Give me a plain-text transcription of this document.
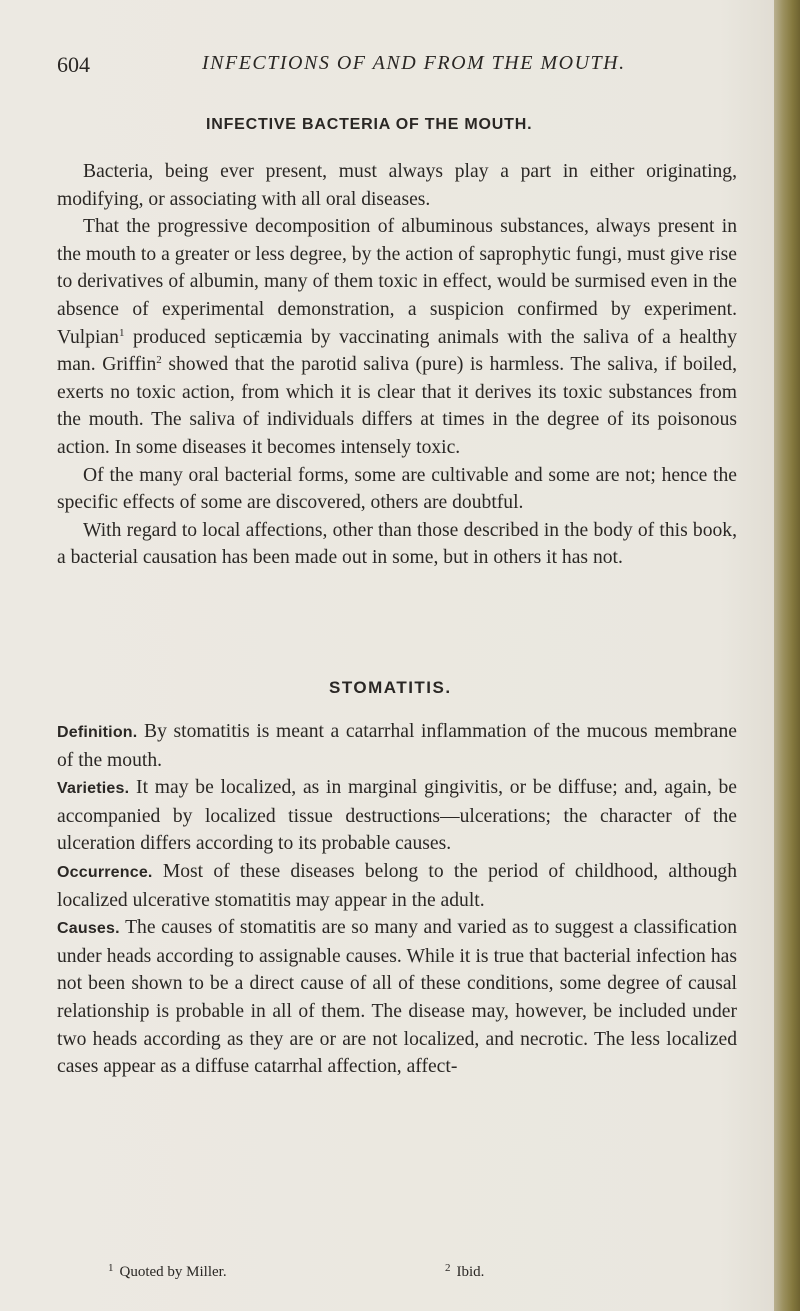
604	INFECTIONS OF AND FROM THE MOUTH.
INFECTIVE BACTERIA OF THE MOUTH.

Bacteria, being ever present, must always play a part in either originating, modifying, or associating with all oral diseases.

That the progressive decomposition of albuminous substances, always present in the mouth to a greater or less degree, by the action of saprophytic fungi, must give rise to derivatives of albumin, many of them toxic in effect, would be surmised even in the absence of experimental demonstration, a suspicion confirmed by experiment. Vulpian$^1$ produced septicæmia by vaccinating animals with the saliva of a healthy man. Griffin$^2$ showed that the parotid saliva (pure) is harmless. The saliva, if boiled, exerts no toxic action, from which it is clear that it derives its toxic substances from the mouth. The saliva of individuals differs at times in the degree of its poisonous action. In some diseases it becomes intensely toxic.

Of the many oral bacterial forms, some are cultivable and some are not; hence the specific effects of some are discovered, others are doubtful.

With regard to local affections, other than those described in the body of this book, a bacterial causation has been made out in some, but in others it has not.

STOMATITIS.

Definition. By stomatitis is meant a catarrhal inflammation of the mucous membrane of the mouth.

Varieties. It may be localized, as in marginal gingivitis, or be diffuse; and, again, be accompanied by localized tissue destructions—ulcerations; the character of the ulceration differs according to its probable causes.

Occurrence. Most of these diseases belong to the period of childhood, although localized ulcerative stomatitis may appear in the adult.

Causes. The causes of stomatitis are so many and varied as to suggest a classification under heads according to assignable causes. While it is true that bacterial infection has not been shown to be a direct cause of all of these conditions, some degree of causal relationship is probable in all of them. The disease may, however, be included under two heads according as they are or are not localized, and necrotic. The less localized cases appear as a diffuse catarrhal affection, affect-

$^1$ Quoted by Miller.	$^2$ Ibid.
